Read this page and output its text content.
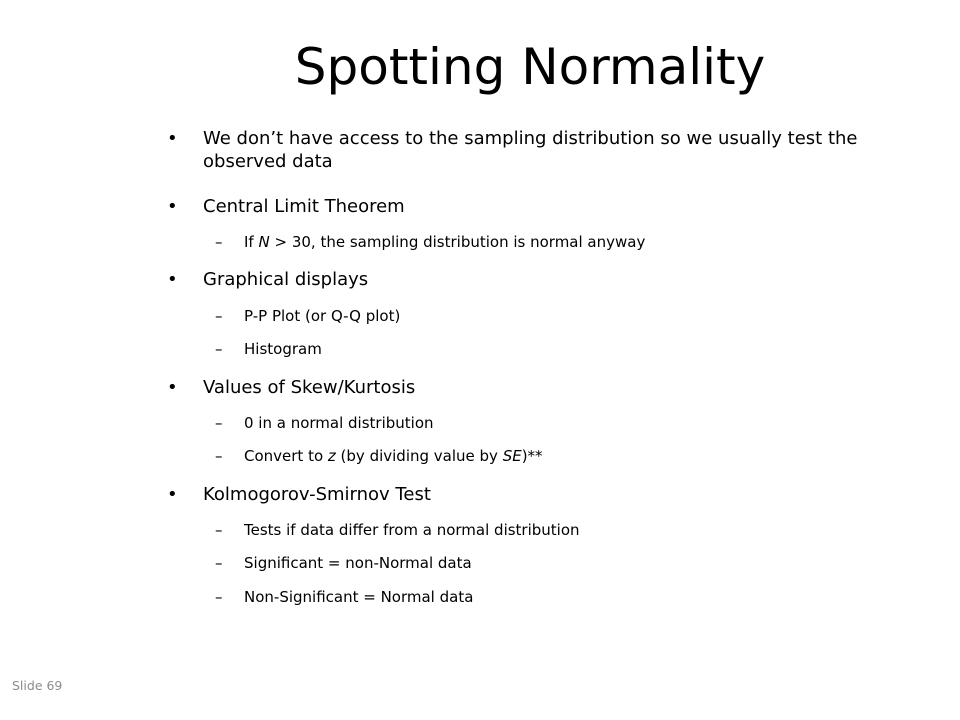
Spotting Normality
• We don’t have access to the sampling distribution so we usually test the observed data
• Central Limit Theorem
– If N > 30, the sampling distribution is normal anyway
• Graphical displays
– P-P Plot (or Q-Q plot)
– Histogram
• Values of Skew/Kurtosis
– 0 in a normal distribution
– Convert to z (by dividing value by SE)**
• Kolmogorov-Smirnov Test
– Tests if data differ from a normal distribution
– Significant = non-Normal data
– Non-Significant = Normal data
Slide 69
